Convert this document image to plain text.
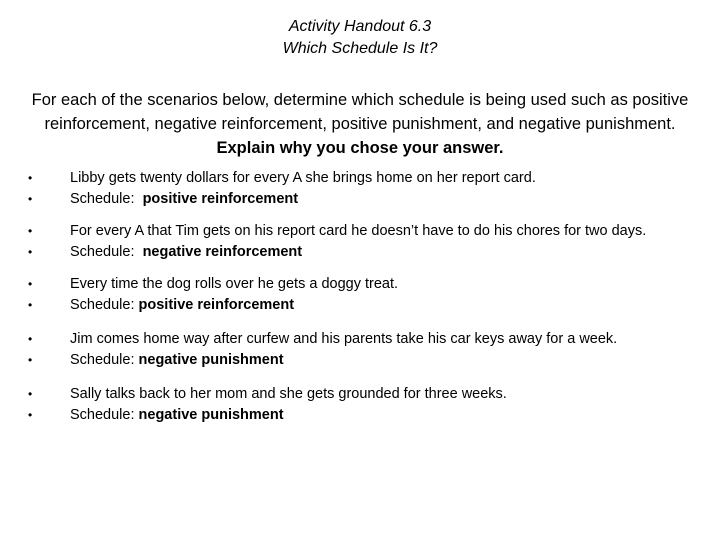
Activity Handout 6.3
Which Schedule Is It?
For each of the scenarios below, determine which schedule is being used such as positive reinforcement, negative reinforcement, positive punishment, and negative punishment. Explain why you chose your answer.
•	Libby gets twenty dollars for every A she brings home on her report card.
•	Schedule: positive reinforcement
•	For every A that Tim gets on his report card he doesn’t have to do his chores for two days.
•	Schedule: negative reinforcement
•	Every time the dog rolls over he gets a doggy treat.
•	Schedule: positive reinforcement
•	Jim comes home way after curfew and his parents take his car keys away for a week.
•	Schedule: negative punishment
•	Sally talks back to her mom and she gets grounded for three weeks.
•	Schedule: negative punishment
